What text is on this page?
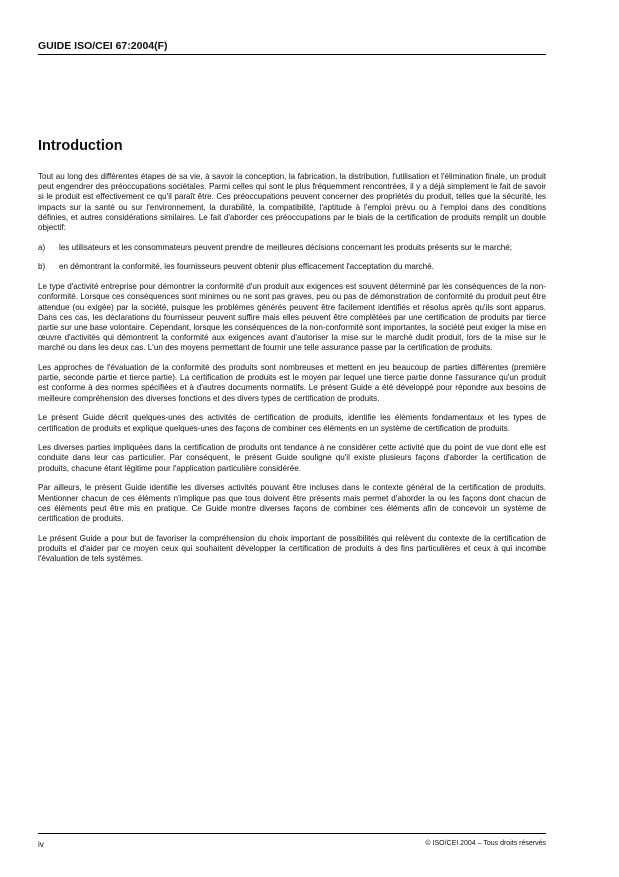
GUIDE ISO/CEI 67:2004(F)
Introduction

Tout au long des différentes étapes de sa vie, à savoir la conception, la fabrication, la distribution, l'utilisation et l'élimination finale, un produit peut engendrer des préoccupations sociétales. Parmi celles qui sont le plus fréquemment rencontrées, il y a déjà simplement le fait de savoir si le produit est effectivement ce qu'il paraît être. Ces préoccupations peuvent concerner des propriétés du produit, telles que la sécurité, les impacts sur la santé ou sur l'environnement, la durabilité, la compatibilité, l'aptitude à l'emploi prévu ou à l'emploi dans des conditions définies, et autres considérations similaires. Le fait d'aborder ces préoccupations par le biais de la certification de produits remplit un double objectif:

a)	les utilisateurs et les consommateurs peuvent prendre de meilleures décisions concernant les produits présents sur le marché;
b)	en démontrant la conformité, les fournisseurs peuvent obtenir plus efficacement l'acceptation du marché.

Le type d'activité entreprise pour démontrer la conformité d'un produit aux exigences est souvent déterminé par les conséquences de la non-conformité. Lorsque ces conséquences sont minimes ou ne sont pas graves, peu ou pas de démonstration de conformité du produit peut être attendue (ou exigée) par la société, puisque les problèmes générés peuvent être facilement identifiés et résolus après qu'ils sont apparus. Dans ces cas, les déclarations du fournisseur peuvent suffire mais elles peuvent être complétées par une certification de produits par tierce partie sur une base volontaire. Cependant, lorsque les conséquences de la non-conformité sont importantes, la société peut exiger la mise en œuvre d'activités qui démontrent la conformité aux exigences avant d'autoriser la mise sur le marché dudit produit, lors de la mise sur le marché ou dans les deux cas. L'un des moyens permettant de fournir une telle assurance passe par la certification de produits.

Les approches de l'évaluation de la conformité des produits sont nombreuses et mettent en jeu beaucoup de parties différentes (première partie, seconde partie et tierce partie). La certification de produits est le moyen par lequel une tierce partie donne l'assurance qu'un produit est conforme à des normes spécifiées et à d'autres documents normatifs. Le présent Guide a été développé pour répondre aux besoins de meilleure compréhension des diverses fonctions et des divers types de certification de produits.

Le présent Guide décrit quelques-unes des activités de certification de produits, identifie les éléments fondamentaux et les types de certification de produits et explique quelques-unes des façons de combiner ces éléments en un système de certification de produits.

Les diverses parties impliquées dans la certification de produits ont tendance à ne considérer cette activité que du point de vue dont elle est conduite dans leur cas particulier. Par conséquent, le présent Guide souligne qu'il existe plusieurs façons d'aborder la certification de produits, chacune étant légitime pour l'application particulière considérée.

Par ailleurs, le présent Guide identifie les diverses activités pouvant être incluses dans le contexte général de la certification de produits. Mentionner chacun de ces éléments n'implique pas que tous doivent être présents mais permet d'aborder la ou les façons dont chacun de ces éléments peut être mis en pratique. Ce Guide montre diverses façons de combiner ces éléments afin de concevoir un système de certification de produits.

Le présent Guide a pour but de favoriser la compréhension du choix important de possibilités qui relèvent du contexte de la certification de produits et d'aider par ce moyen ceux qui souhaitent développer la certification de produits à des fins particulières et ceux à qui incombe l'évaluation de tels systèmes.

iv	© ISO/CEI 2004 – Tous droits réservés
